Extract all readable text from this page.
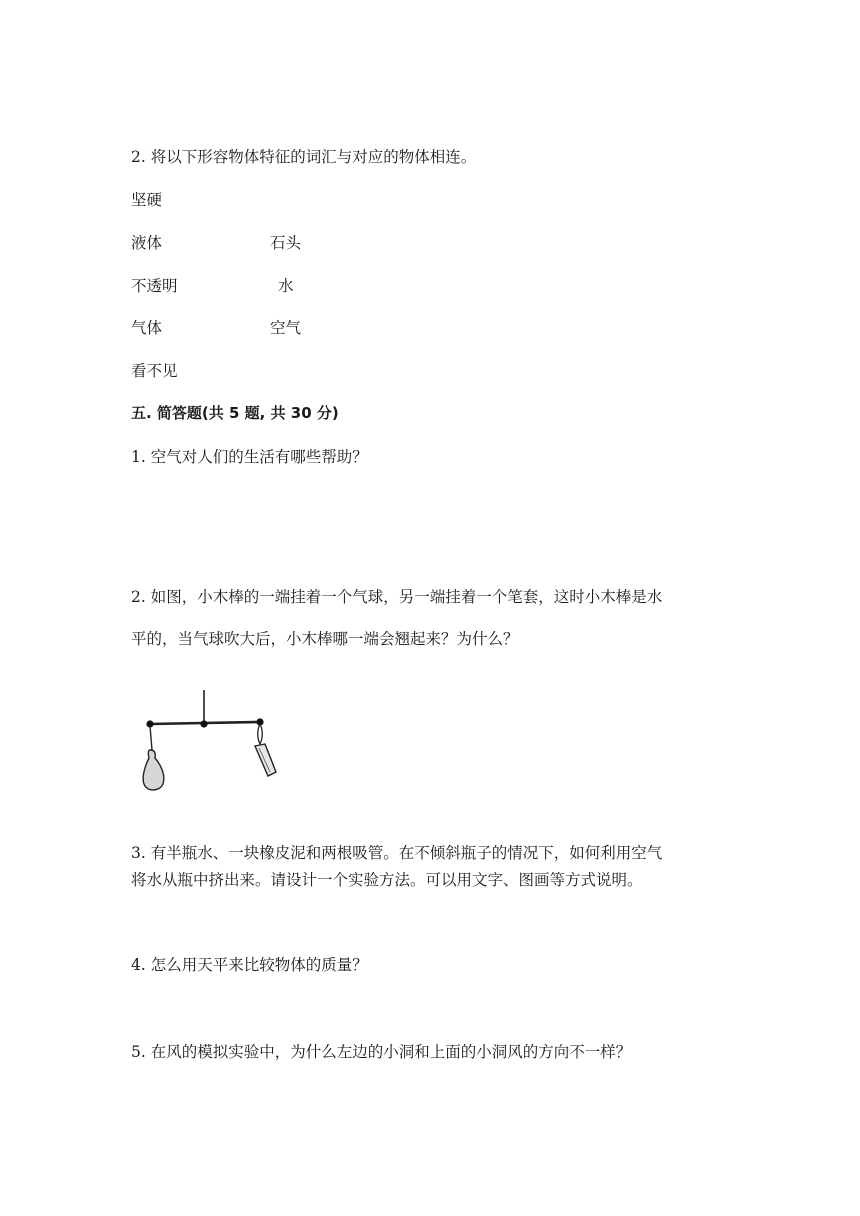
2. 将以下形容物体特征的词汇与对应的物体相连。
坚硬
液体	石头
不透明	水
气体	空气
看不见
五. 简答题(共 5 题, 共 30 分)
1. 空气对人们的生活有哪些帮助？
2. 如图，小木棒的一端挂着一个气球，另一端挂着一个笔套，这时小木棒是水
平的，当气球吹大后，小木棒哪一端会翘起来？为什么？
3. 有半瓶水、一块橡皮泥和两根吸管。在不倾斜瓶子的情况下，如何利用空气
将水从瓶中挤出来。请设计一个实验方法。可以用文字、图画等方式说明。
4. 怎么用天平来比较物体的质量？
5. 在风的模拟实验中，为什么左边的小洞和上面的小洞风的方向不一样？
